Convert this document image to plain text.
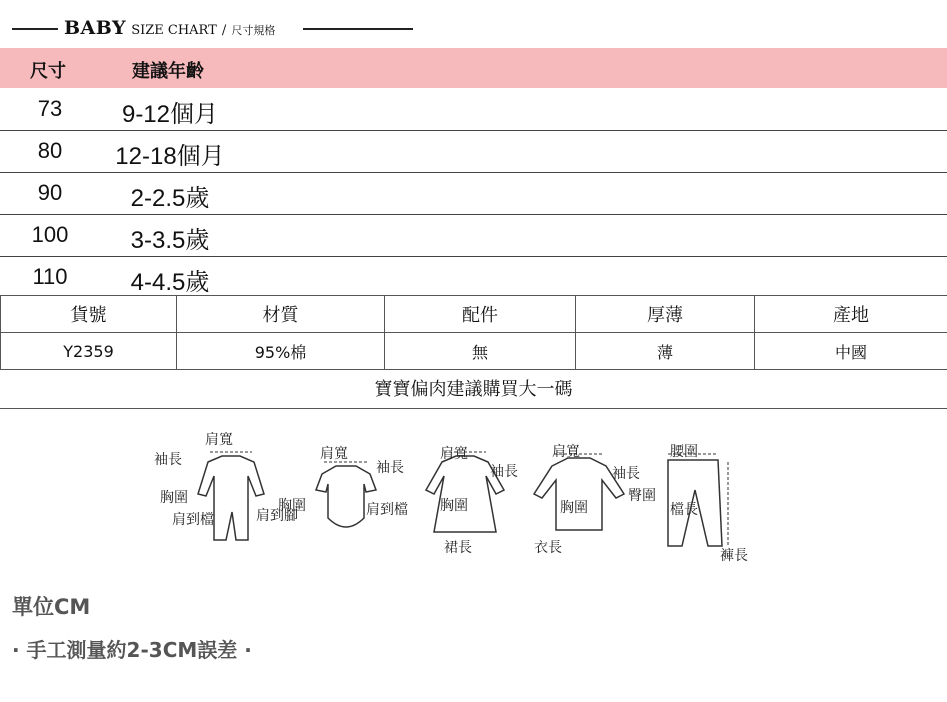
BABY SIZE CHART / 尺寸規格
尺寸	建議年齡
73	9-12個月
80	12-18個月
90	2-2.5歲
100	3-3.5歲
110	4-4.5歲
貨號	材質	配件	厚薄	產地
Y2359	95%棉	無	薄	中國
寶寶偏肉建議購買大一碼
肩寬
袖長
胸圍
肩到檔	肩到腳
肩寬
袖長
胸圍	肩到檔
肩寬
袖長
胸圍
裙長
肩寬
袖長
胸圍
衣長
腰圍
臀圍
檔長
褲長
單位CM
· 手工測量約2-3CM誤差 ·
